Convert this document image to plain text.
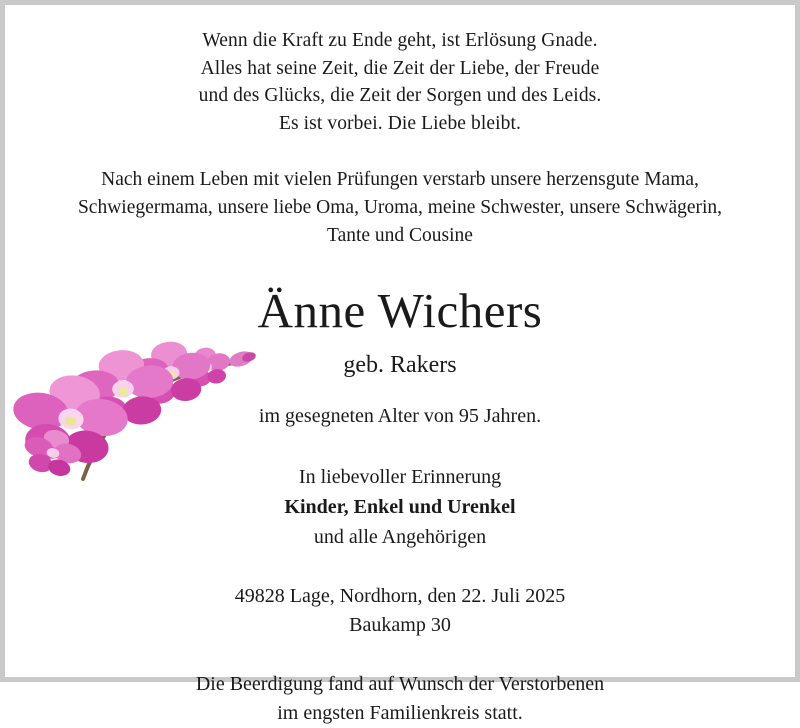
Wenn die Kraft zu Ende geht, ist Erlösung Gnade.
Alles hat seine Zeit, die Zeit der Liebe, der Freude
und des Glücks, die Zeit der Sorgen und des Leids.
Es ist vorbei. Die Liebe bleibt.
Nach einem Leben mit vielen Prüfungen verstarb unsere herzensgute Mama,
Schwiegermama, unsere liebe Oma, Uroma, meine Schwester, unsere Schwägerin,
Tante und Cousine
Änne Wichers
geb. Rakers
im gesegneten Alter von 95 Jahren.
In liebevoller Erinnerung
Kinder, Enkel und Urenkel
und alle Angehörigen
49828 Lage, Nordhorn, den 22. Juli 2025
Baukamp 30
Die Beerdigung fand auf Wunsch der Verstorbenen
im engsten Familienkreis statt.
